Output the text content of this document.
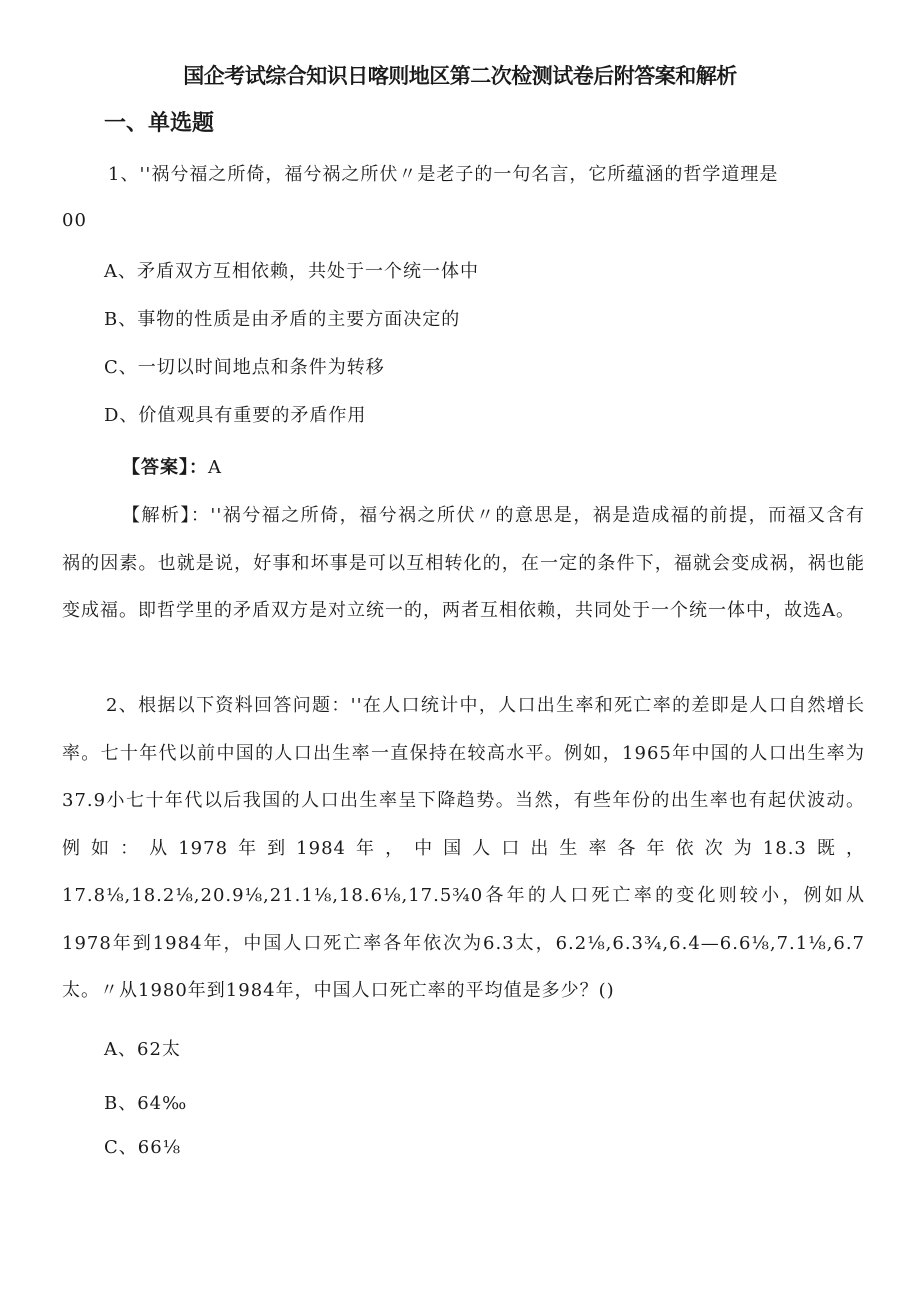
国企考试综合知识日喀则地区第二次检测试卷后附答案和解析
一、单选题
1、''祸兮福之所倚，福兮祸之所伏〃是老子的一句名言，它所蕴涵的哲学道理是
00
A、矛盾双方互相依赖，共处于一个统一体中
B、事物的性质是由矛盾的主要方面决定的
C、一切以时间地点和条件为转移
D、价值观具有重要的矛盾作用
【答案】：A
【解析】：''祸兮福之所倚，福兮祸之所伏〃的意思是，祸是造成福的前提，而福又含有祸的因素。也就是说，好事和坏事是可以互相转化的，在一定的条件下，福就会变成祸，祸也能变成福。即哲学里的矛盾双方是对立统一的，两者互相依赖，共同处于一个统一体中，故选A。
2、根据以下资料回答问题：''在人口统计中，人口出生率和死亡率的差即是人口自然增长率。七十年代以前中国的人口出生率一直保持在较高水平。例如，1965年中国的人口出生率为37.9小七十年代以后我国的人口出生率呈下降趋势。当然，有些年份的出生率也有起伏波动。例如：从1978年到1984年，中国人口出生率各年依次为18.3既，17.8⅛,18.2⅛,20.9⅛,21.1⅛,18.6⅛,17.5¾0各年的人口死亡率的变化则较小，例如从1978年到1984年，中国人口死亡率各年依次为6.3太，6.2⅛,6.3¾,6.4—6.6⅛,7.1⅛,6.7太。〃从1980年到1984年，中国人口死亡率的平均值是多少？()
A、62太
B、64‰
C、66⅛
